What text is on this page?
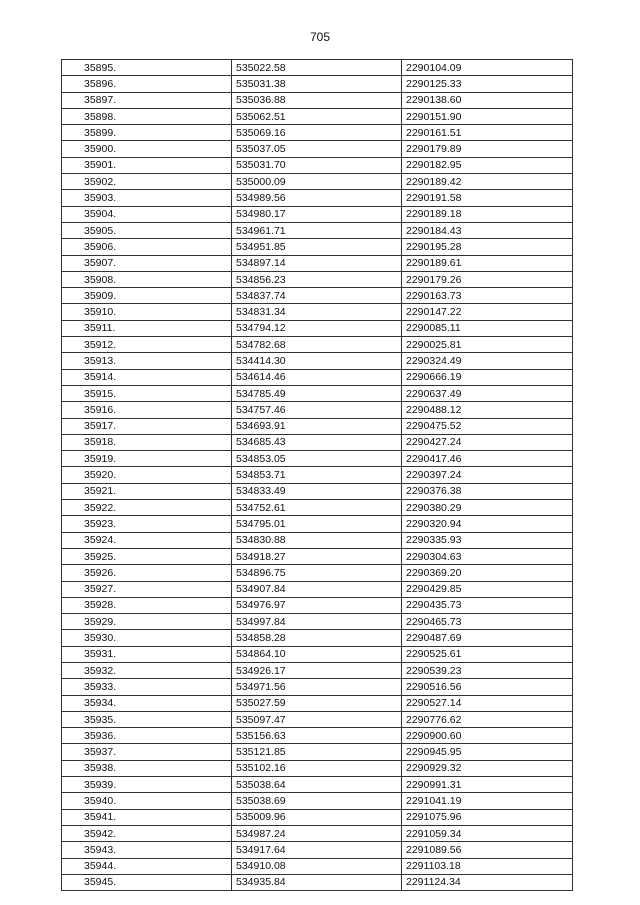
705
35895.	535022.58	2290104.09
35896.	535031.38	2290125.33
35897.	535036.88	2290138.60
35898.	535062.51	2290151.90
35899.	535069.16	2290161.51
35900.	535037.05	2290179.89
35901.	535031.70	2290182.95
35902.	535000.09	2290189.42
35903.	534989.56	2290191.58
35904.	534980.17	2290189.18
35905.	534961.71	2290184.43
35906.	534951.85	2290195.28
35907.	534897.14	2290189.61
35908.	534856.23	2290179.26
35909.	534837.74	2290163.73
35910.	534831.34	2290147.22
35911.	534794.12	2290085.11
35912.	534782.68	2290025.81
35913.	534414.30	2290324.49
35914.	534614.46	2290666.19
35915.	534785.49	2290637.49
35916.	534757.46	2290488.12
35917.	534693.91	2290475.52
35918.	534685.43	2290427.24
35919.	534853.05	2290417.46
35920.	534853.71	2290397.24
35921.	534833.49	2290376.38
35922.	534752.61	2290380.29
35923.	534795.01	2290320.94
35924.	534830.88	2290335.93
35925.	534918.27	2290304.63
35926.	534896.75	2290369.20
35927.	534907.84	2290429.85
35928.	534976.97	2290435.73
35929.	534997.84	2290465.73
35930.	534858.28	2290487.69
35931.	534864.10	2290525.61
35932.	534926.17	2290539.23
35933.	534971.56	2290516.56
35934.	535027.59	2290527.14
35935.	535097.47	2290776.62
35936.	535156.63	2290900.60
35937.	535121.85	2290945.95
35938.	535102.16	2290929.32
35939.	535038.64	2290991.31
35940.	535038.69	2291041.19
35941.	535009.96	2291075.96
35942.	534987.24	2291059.34
35943.	534917.64	2291089.56
35944.	534910.08	2291103.18
35945.	534935.84	2291124.34
